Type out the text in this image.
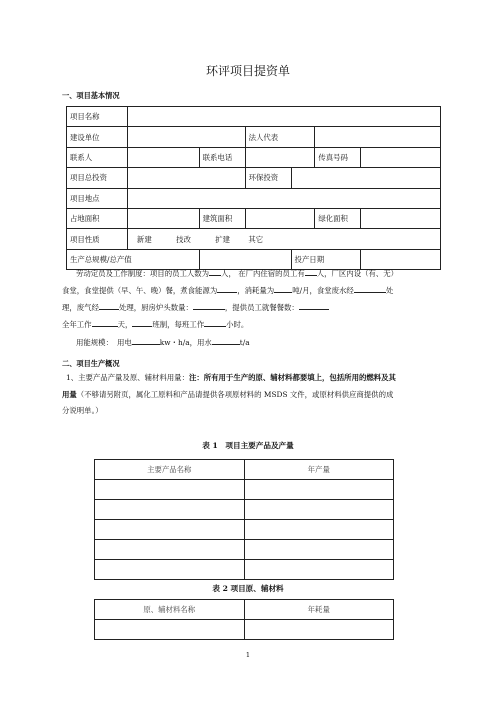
环评项目提资单
一、项目基本情况
项目名称						
建设单位			法人代表			
联系人		联系电话			传真号码	
项目总投资			环保投资			
项目地点						
占地面积		建筑面积			绿化面积	
项目性质	新建 技改 扩建 其它					
生产总规模/总产值				投产日期		
劳动定员及工作制度：项目的员工人数为 人， 在厂内住宿的员工有 人，厂区内设（有、无）
食堂，食堂提供（早、午、晚）餐，煮食能源为	，消耗量为 吨/月，食堂废水经	处
理，废气经	处理，厨房炉头数量：	，提供员工就餐餐数：
全年工作	天，	班制，每班工作	小时。
用能规模： 用电	kw・h/a，用水	t/a
二、项目生产概况
1、主要产品产量及原、辅材料用量：注：所有用于生产的原、辅材料都要填上，包括所用的燃料及其
用量（不够请另附页，属化工原料和产品请提供各项原材料的 MSDS 文件，或原材料供应商提供的成
分说明单。）
表 1　项目主要产品及产量
主要产品名称	年产量

表 2 项目原、辅材料
原、辅材料名称	年耗量

1
